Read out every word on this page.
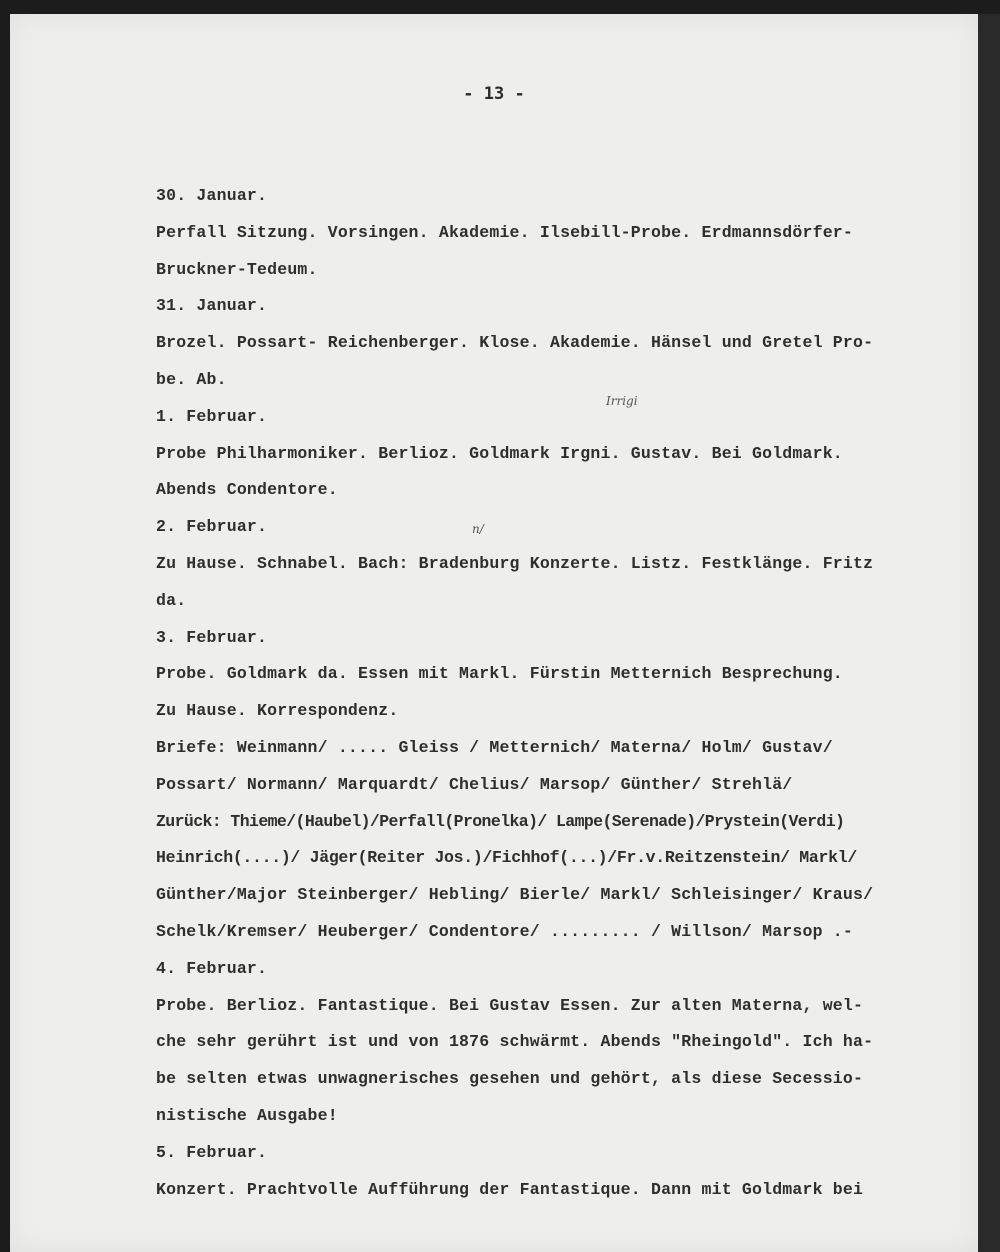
- 13 -
Irrigi
n/
30. Januar.
Perfall Sitzung. Vorsingen. Akademie. Ilsebill-Probe. Erdmannsdörfer-
Bruckner-Tedeum.
31. Januar.
Brozel. Possart- Reichenberger. Klose. Akademie. Hänsel und Gretel Pro-
be. Ab.
1. Februar.
Probe Philharmoniker. Berlioz. Goldmark Irgni. Gustav. Bei Goldmark.
Abends Condentore.
2. Februar.
Zu Hause. Schnabel. Bach: Bradenburg Konzerte. Listz. Festklänge. Fritz
da.
3. Februar.
Probe. Goldmark da. Essen mit Markl. Fürstin Metternich Besprechung.
Zu Hause. Korrespondenz.
Briefe: Weinmann/ ..... Gleiss / Metternich/ Materna/ Holm/ Gustav/
Possart/ Normann/ Marquardt/ Chelius/ Marsop/ Günther/ Strehlä/
Zurück: Thieme/(Haubel)/Perfall(Pronelka)/ Lampe(Serenade)/Prystein(Verdi)
Heinrich(....)/ Jäger(Reiter Jos.)/Fichhof(...)/Fr.v.Reitzenstein/ Markl/
Günther/Major Steinberger/ Hebling/ Bierle/ Markl/ Schleisinger/ Kraus/
Schelk/Kremser/ Heuberger/ Condentore/ ......... / Willson/ Marsop .-
4. Februar.
Probe. Berlioz. Fantastique. Bei Gustav Essen. Zur alten Materna, wel-
che sehr gerührt ist und von 1876 schwärmt. Abends "Rheingold". Ich ha-
be selten etwas unwagnerisches gesehen und gehört, als diese Secessio-
nistische Ausgabe!
5. Februar.
Konzert. Prachtvolle Aufführung der Fantastique. Dann mit Goldmark bei
